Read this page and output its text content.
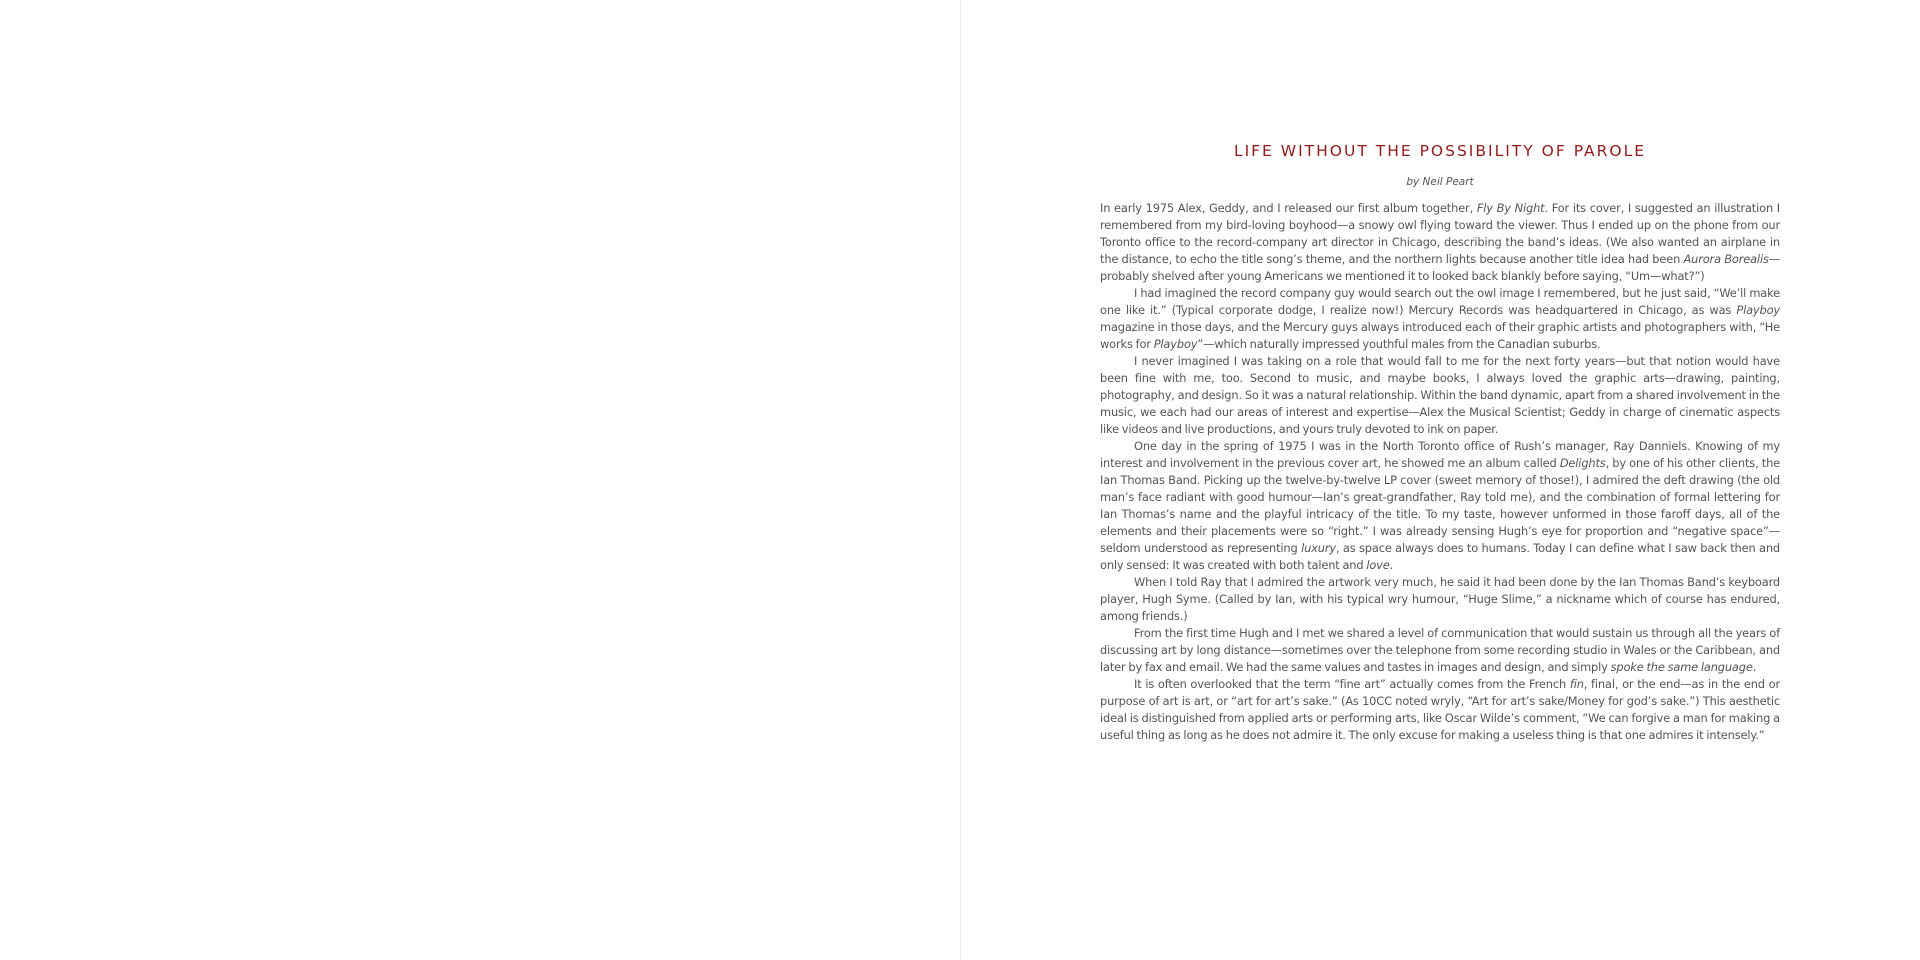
LIFE WITHOUT THE POSSIBILITY OF PAROLE
by Neil Peart

In early 1975 Alex, Geddy, and I released our first album together, Fly By Night. For its cover, I suggested an illustration I remembered from my bird-loving boyhood—a snowy owl flying toward the viewer. Thus I ended up on the phone from our Toronto office to the record-company art director in Chicago, describing the band’s ideas. (We also wanted an airplane in the distance, to echo the title song’s theme, and the northern lights because another title idea had been Aurora Borealis—probably shelved after young Americans we mentioned it to looked back blankly before saying, “Um—what?”)

I had imagined the record company guy would search out the owl image I remembered, but he just said, “We’ll make one like it.” (Typical corporate dodge, I realize now!) Mercury Records was headquartered in Chicago, as was Playboy magazine in those days, and the Mercury guys always introduced each of their graphic artists and photographers with, “He works for Playboy”—which naturally impressed youthful males from the Canadian suburbs.

I never imagined I was taking on a role that would fall to me for the next forty years—but that notion would have been fine with me, too. Second to music, and maybe books, I always loved the graphic arts—drawing, painting, photography, and design. So it was a natural relationship. Within the band dynamic, apart from a shared involvement in the music, we each had our areas of interest and expertise—Alex the Musical Scientist; Geddy in charge of cinematic aspects like videos and live productions, and yours truly devoted to ink on paper.

One day in the spring of 1975 I was in the North Toronto office of Rush’s manager, Ray Danniels. Knowing of my interest and involvement in the previous cover art, he showed me an album called Delights, by one of his other clients, the Ian Thomas Band. Picking up the twelve-by-twelve LP cover (sweet memory of those!), I admired the deft drawing (the old man’s face radiant with good humour—Ian’s great-grandfather, Ray told me), and the combination of formal lettering for Ian Thomas’s name and the playful intricacy of the title. To my taste, however unformed in those faroff days, all of the elements and their placements were so “right.” I was already sensing Hugh’s eye for proportion and “negative space”—seldom understood as representing luxury, as space always does to humans. Today I can define what I saw back then and only sensed: It was created with both talent and love.

When I told Ray that I admired the artwork very much, he said it had been done by the Ian Thomas Band’s keyboard player, Hugh Syme. (Called by Ian, with his typical wry humour, “Huge Slime,” a nickname which of course has endured, among friends.)

From the first time Hugh and I met we shared a level of communication that would sustain us through all the years of discussing art by long distance—sometimes over the telephone from some recording studio in Wales or the Caribbean, and later by fax and email. We had the same values and tastes in images and design, and simply spoke the same language.

It is often overlooked that the term “fine art” actually comes from the French fin, final, or the end—as in the end or purpose of art is art, or “art for art’s sake.” (As 10CC noted wryly, “Art for art’s sake/Money for god’s sake.”) This aesthetic ideal is distinguished from applied arts or performing arts, like Oscar Wilde’s comment, “We can forgive a man for making a useful thing as long as he does not admire it. The only excuse for making a useless thing is that one admires it intensely.”
